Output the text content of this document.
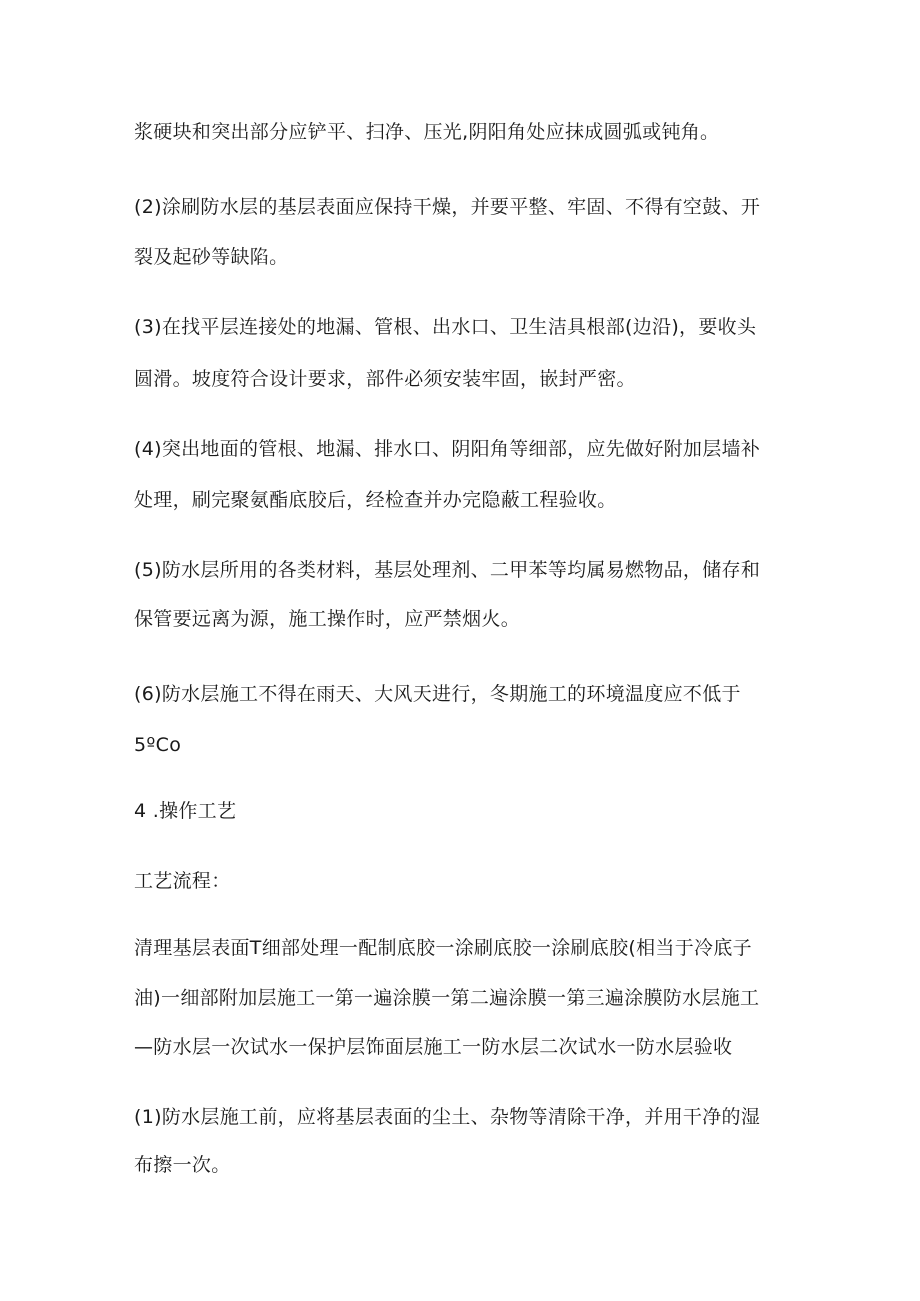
浆硬块和突出部分应铲平、扫净、压光,阴阳角处应抹成圆弧或钝角。
(2)涂刷防水层的基层表面应保持干燥，并要平整、牢固、不得有空鼓、开
裂及起砂等缺陷。
(3)在找平层连接处的地漏、管根、出水口、卫生洁具根部(边沿)，要收头
圆滑。坡度符合设计要求，部件必须安装牢固，嵌封严密。
(4)突出地面的管根、地漏、排水口、阴阳角等细部，应先做好附加层墙补
处理，刷完聚氨酯底胶后，经检查并办完隐蔽工程验收。
(5)防水层所用的各类材料，基层处理剂、二甲苯等均属易燃物品，储存和
保管要远离为源，施工操作时，应严禁烟火。
(6)防水层施工不得在雨天、大风天进行，冬期施工的环境温度应不低于
5ºCo
4 .操作工艺
工艺流程：
清理基层表面T细部处理一配制底胶一涂刷底胶一涂刷底胶(相当于冷底子
油)一细部附加层施工一第一遍涂膜一第二遍涂膜一第三遍涂膜防水层施工
—防水层一次试水一保护层饰面层施工一防水层二次试水一防水层验收
(1)防水层施工前，应将基层表面的尘土、杂物等清除干净，并用干净的湿
布擦一次。
